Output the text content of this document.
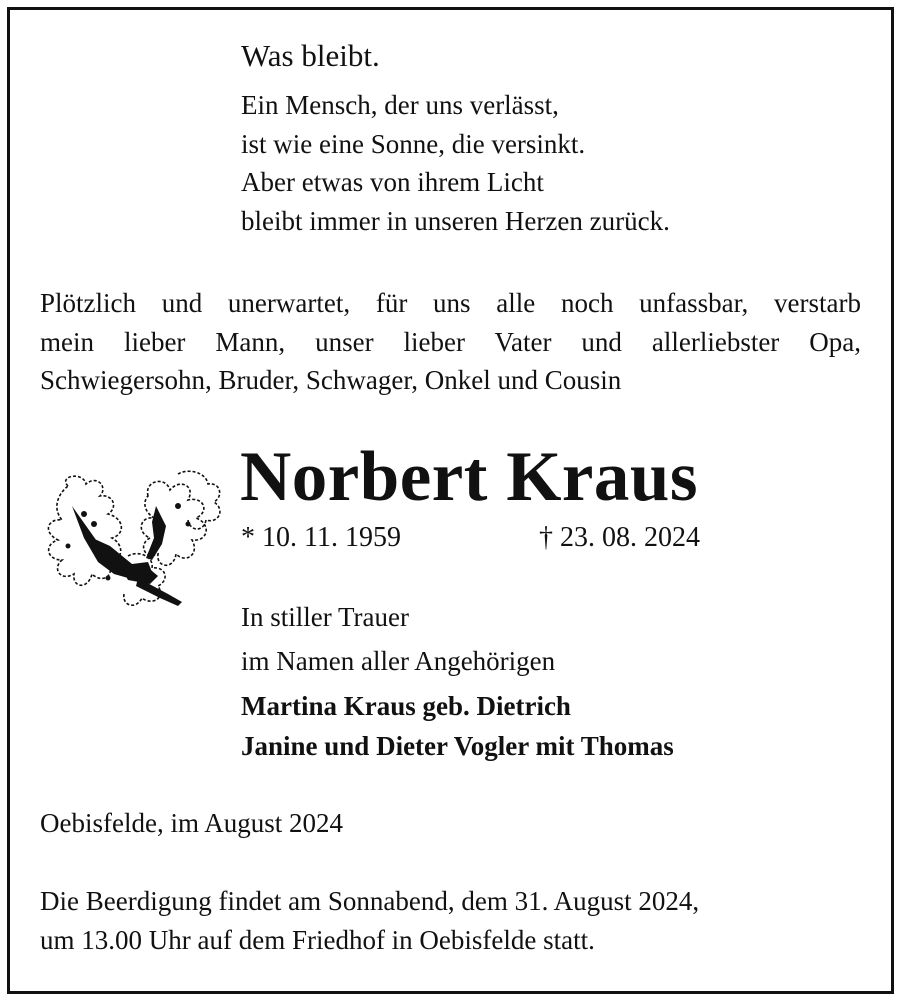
Was bleibt.
Ein Mensch, der uns verlässt,
ist wie eine Sonne, die versinkt.
Aber etwas von ihrem Licht
bleibt immer in unseren Herzen zurück.
Plötzlich und unerwartet, für uns alle noch unfassbar, verstarb
mein lieber Mann, unser lieber Vater und allerliebster Opa,
Schwiegersohn, Bruder, Schwager, Onkel und Cousin
Norbert Kraus
* 10. 11. 1959	† 23. 08. 2024
In stiller Trauer
im Namen aller Angehörigen
Martina Kraus geb. Dietrich
Janine und Dieter Vogler mit Thomas
Oebisfelde, im August 2024
Die Beerdigung findet am Sonnabend, dem 31. August 2024,
um 13.00 Uhr auf dem Friedhof in Oebisfelde statt.
